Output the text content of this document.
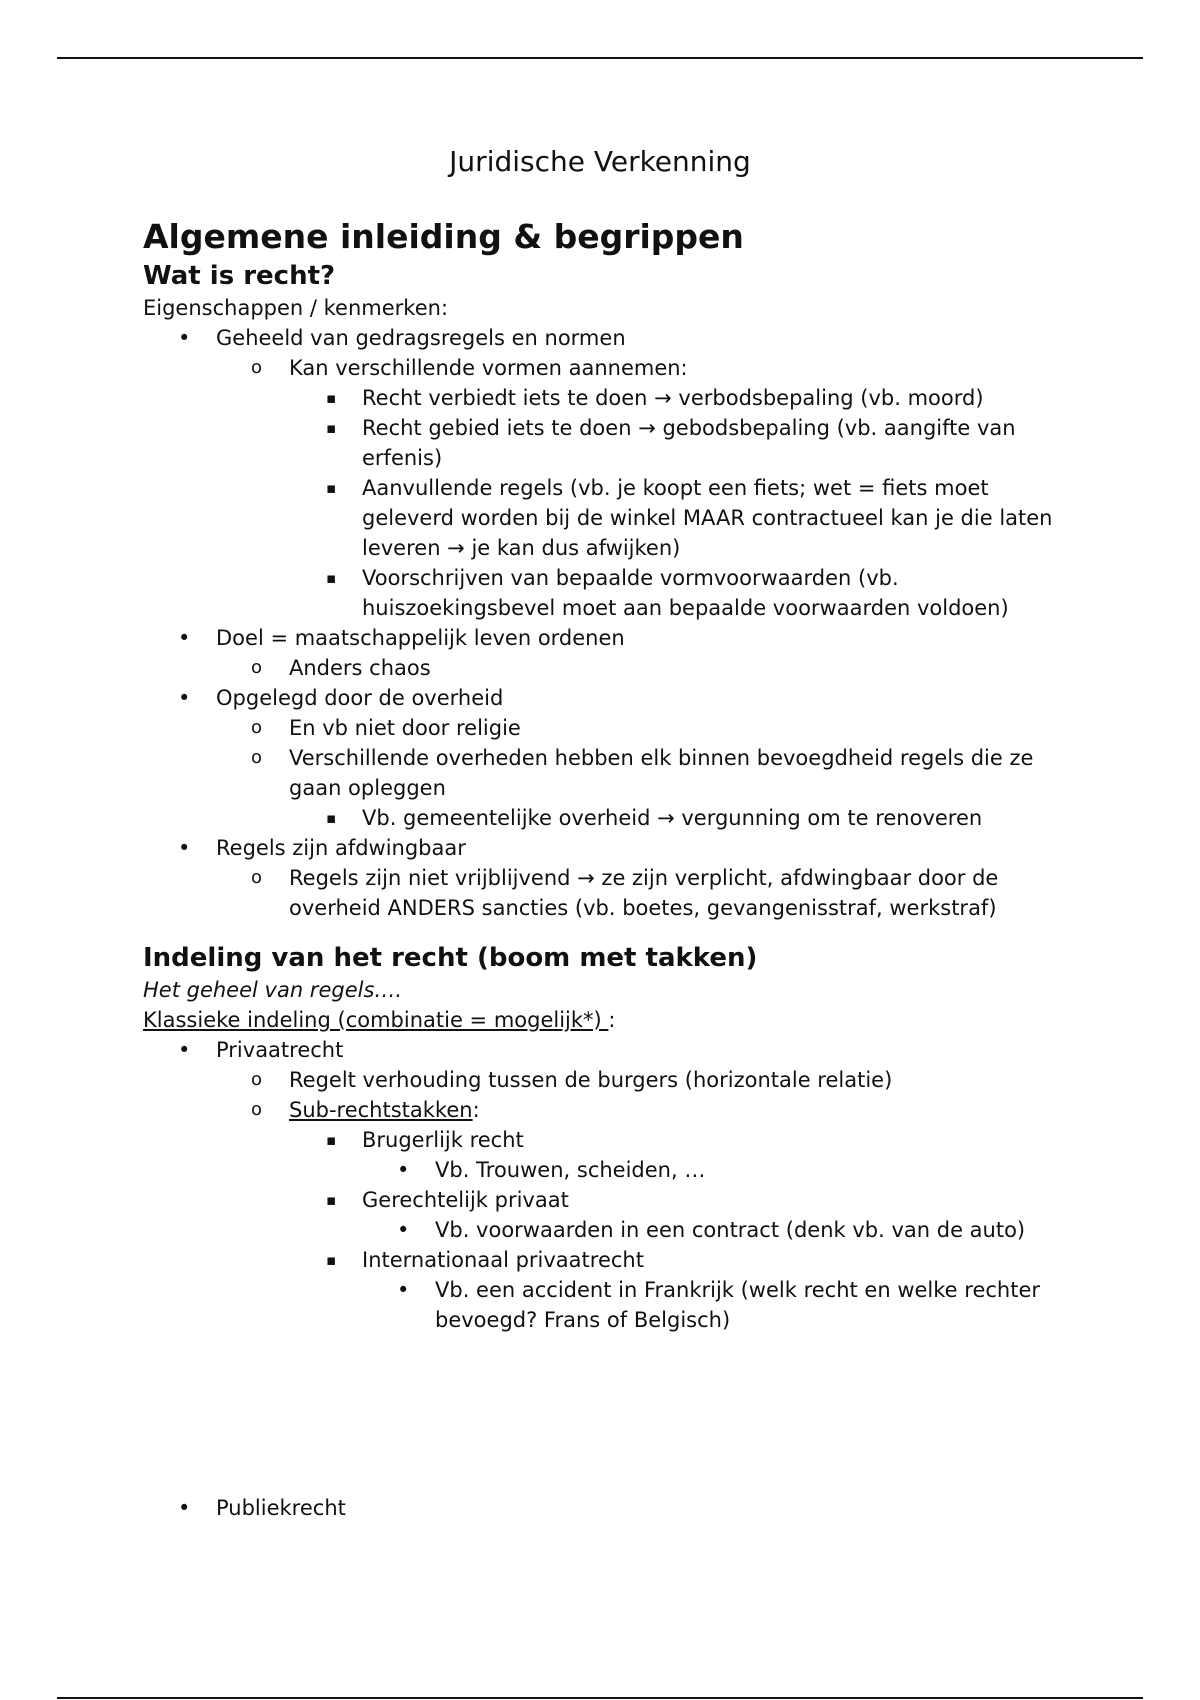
Juridische Verkenning
Algemene inleiding & begrippen
Wat is recht?

Eigenschappen / kenmerken:

• Geheeld van gedragsregels en normen
o Kan verschillende vormen aannemen:
▪ Recht verbiedt iets te doen → verbodsbepaling (vb. moord)
▪ Recht gebied iets te doen → gebodsbepaling (vb. aangifte van erfenis)
▪ Aanvullende regels (vb. je koopt een fiets; wet = fiets moet geleverd worden bij de winkel MAAR contractueel kan je die laten leveren → je kan dus afwijken)
▪ Voorschrijven van bepaalde vormvoorwaarden (vb. huiszoekingsbevel moet aan bepaalde voorwaarden voldoen)
• Doel = maatschappelijk leven ordenen
o Anders chaos
• Opgelegd door de overheid
o En vb niet door religie
o Verschillende overheden hebben elk binnen bevoegdheid regels die ze gaan opleggen
▪ Vb. gemeentelijke overheid → vergunning om te renoveren
• Regels zijn afdwingbaar
o Regels zijn niet vrijblijvend → ze zijn verplicht, afdwingbaar door de overheid ANDERS sancties (vb. boetes, gevangenisstraf, werkstraf)
Indeling van het recht (boom met takken)

Het geheel van regels….

Klassieke indeling (combinatie = mogelijk*) :

• Privaatrecht
o Regelt verhouding tussen de burgers (horizontale relatie)
o Sub-rechtstakken:
▪ Brugerlijk recht
• Vb. Trouwen, scheiden, …
▪ Gerechtelijk privaat
• Vb. voorwaarden in een contract (denk vb. van de auto)
▪ Internationaal privaatrecht
• Vb. een accident in Frankrijk (welk recht en welke rechter bevoegd? Frans of Belgisch)
• Publiekrecht
